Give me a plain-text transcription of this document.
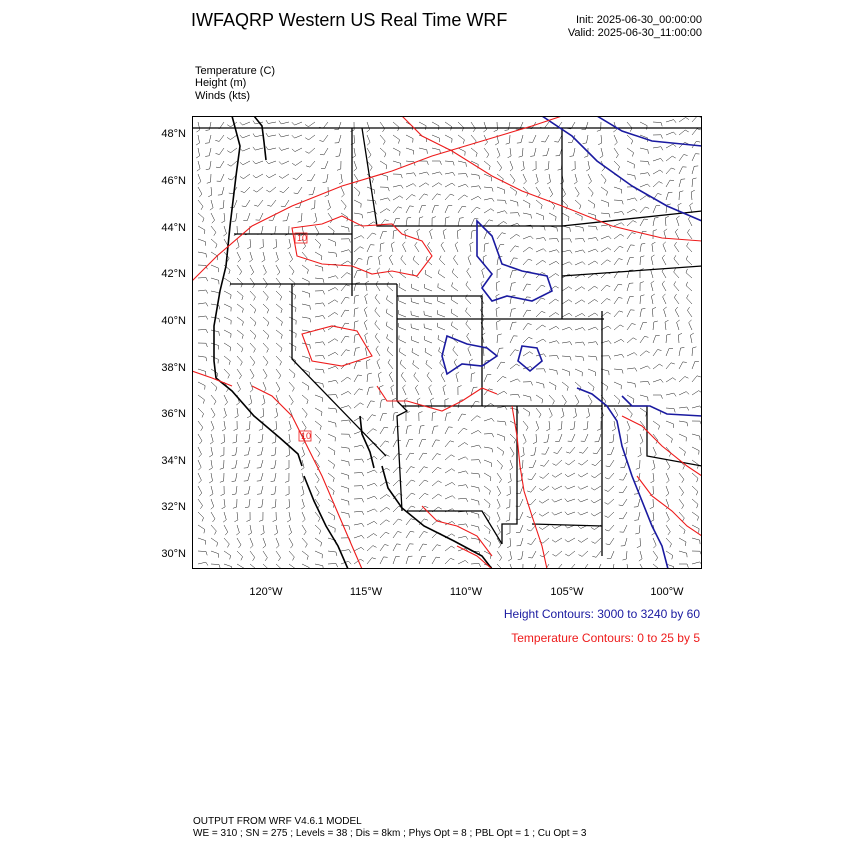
IWFAQRP Western US Real Time WRF	Init: 2025-06-30_00:00:00
Valid: 2025-06-30_11:00:00
Temperature (C)
Height (m)
Winds (kts)
10
10
48°N
46°N
44°N
42°N
40°N
38°N
36°N
34°N
32°N
30°N
120°W	115°W	110°W	105°W	100°W
Height Contours: 3000 to 3240 by 60
Temperature Contours: 0 to 25 by 5
OUTPUT FROM WRF V4.6.1 MODEL
WE = 310 ; SN = 275 ; Levels = 38 ; Dis = 8km ; Phys Opt = 8 ; PBL Opt = 1 ; Cu Opt = 3
